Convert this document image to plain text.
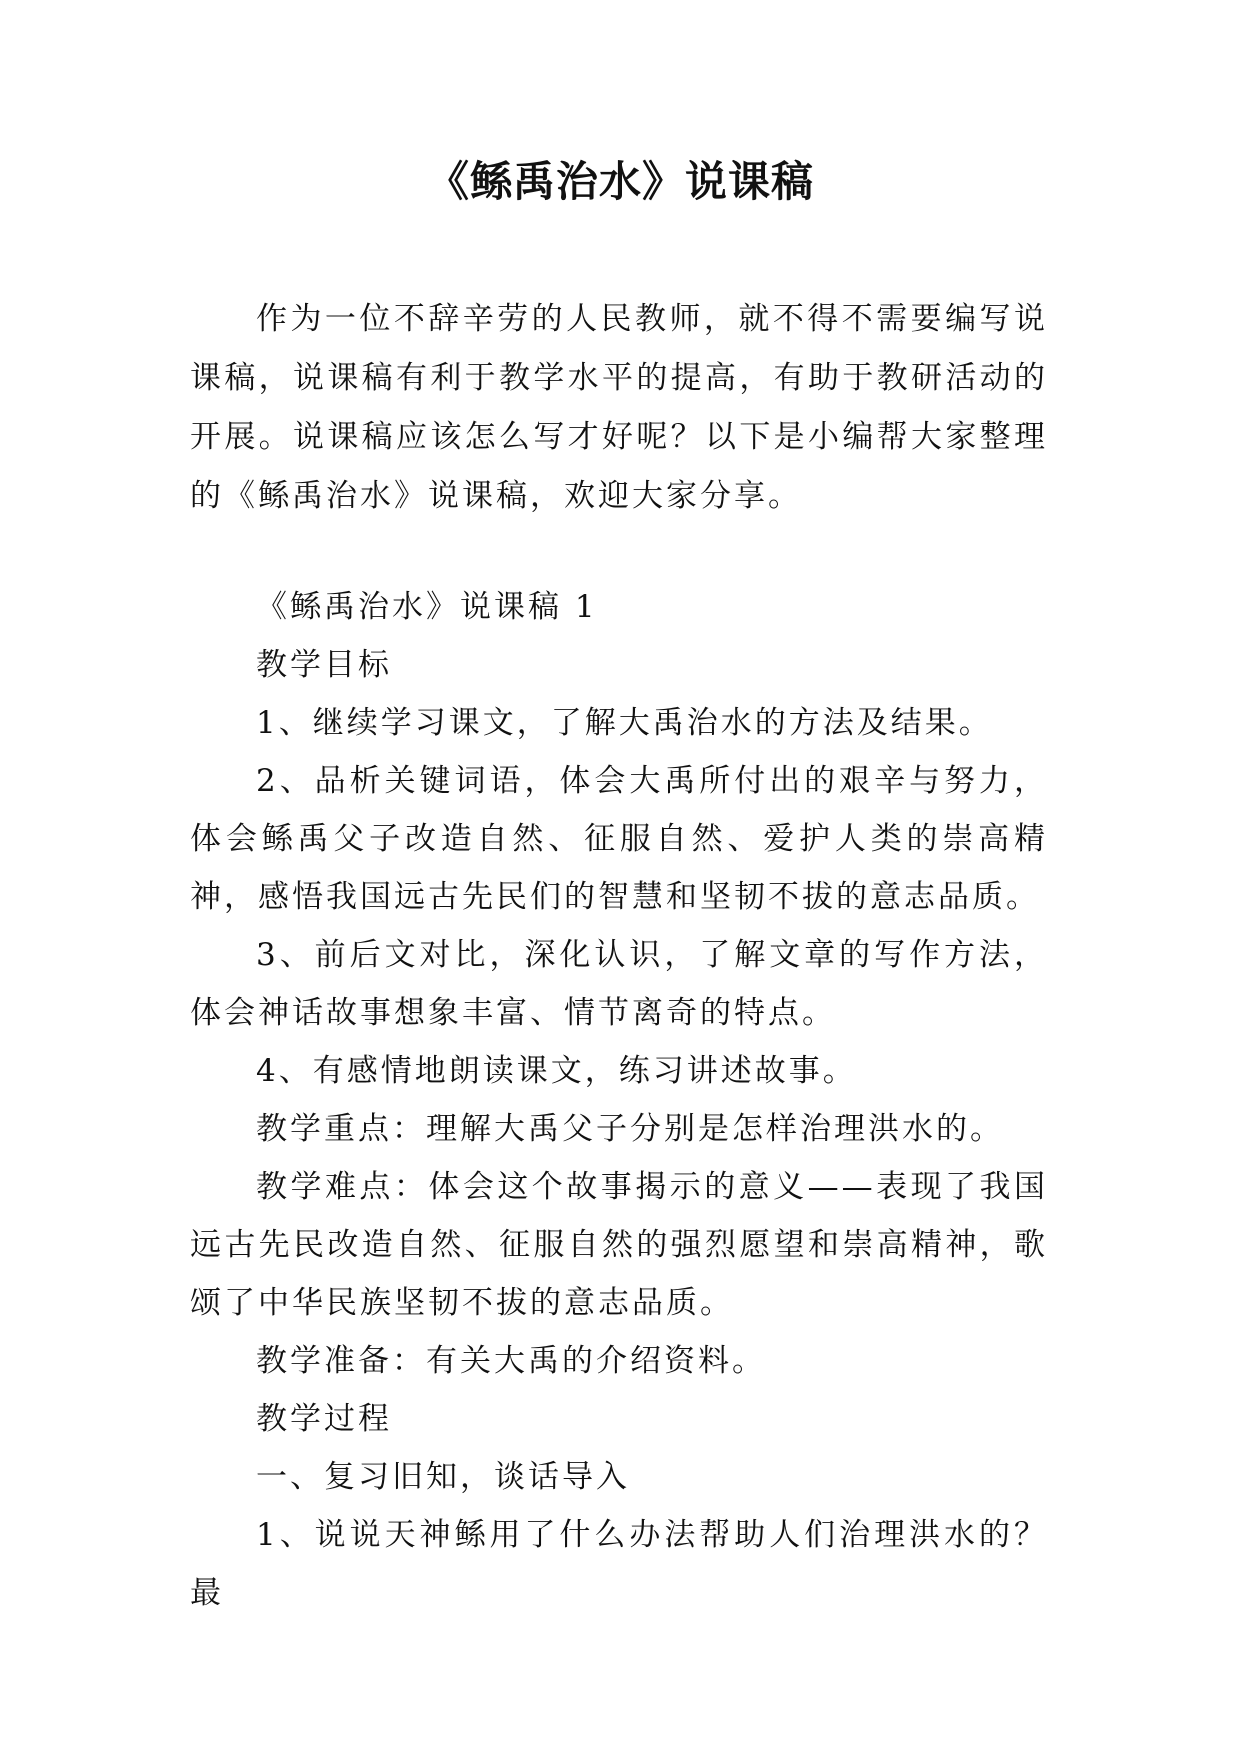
《鲧禹治水》说课稿

作为一位不辞辛劳的人民教师，就不得不需要编写说课稿，说课稿有利于教学水平的提高，有助于教研活动的开展。说课稿应该怎么写才好呢？以下是小编帮大家整理的《鲧禹治水》说课稿，欢迎大家分享。

《鲧禹治水》说课稿 1

教学目标

1、继续学习课文，了解大禹治水的方法及结果。

2、品析关键词语，体会大禹所付出的艰辛与努力，体会鲧禹父子改造自然、征服自然、爱护人类的崇高精神，感悟我国远古先民们的智慧和坚韧不拔的意志品质。

3、前后文对比，深化认识，了解文章的写作方法，体会神话故事想象丰富、情节离奇的特点。

4、有感情地朗读课文，练习讲述故事。

教学重点：理解大禹父子分别是怎样治理洪水的。

教学难点：体会这个故事揭示的意义——表现了我国远古先民改造自然、征服自然的强烈愿望和崇高精神，歌颂了中华民族坚韧不拔的意志品质。

教学准备：有关大禹的介绍资料。

教学过程

一、复习旧知，谈话导入

1、说说天神鲧用了什么办法帮助人们治理洪水的？最
